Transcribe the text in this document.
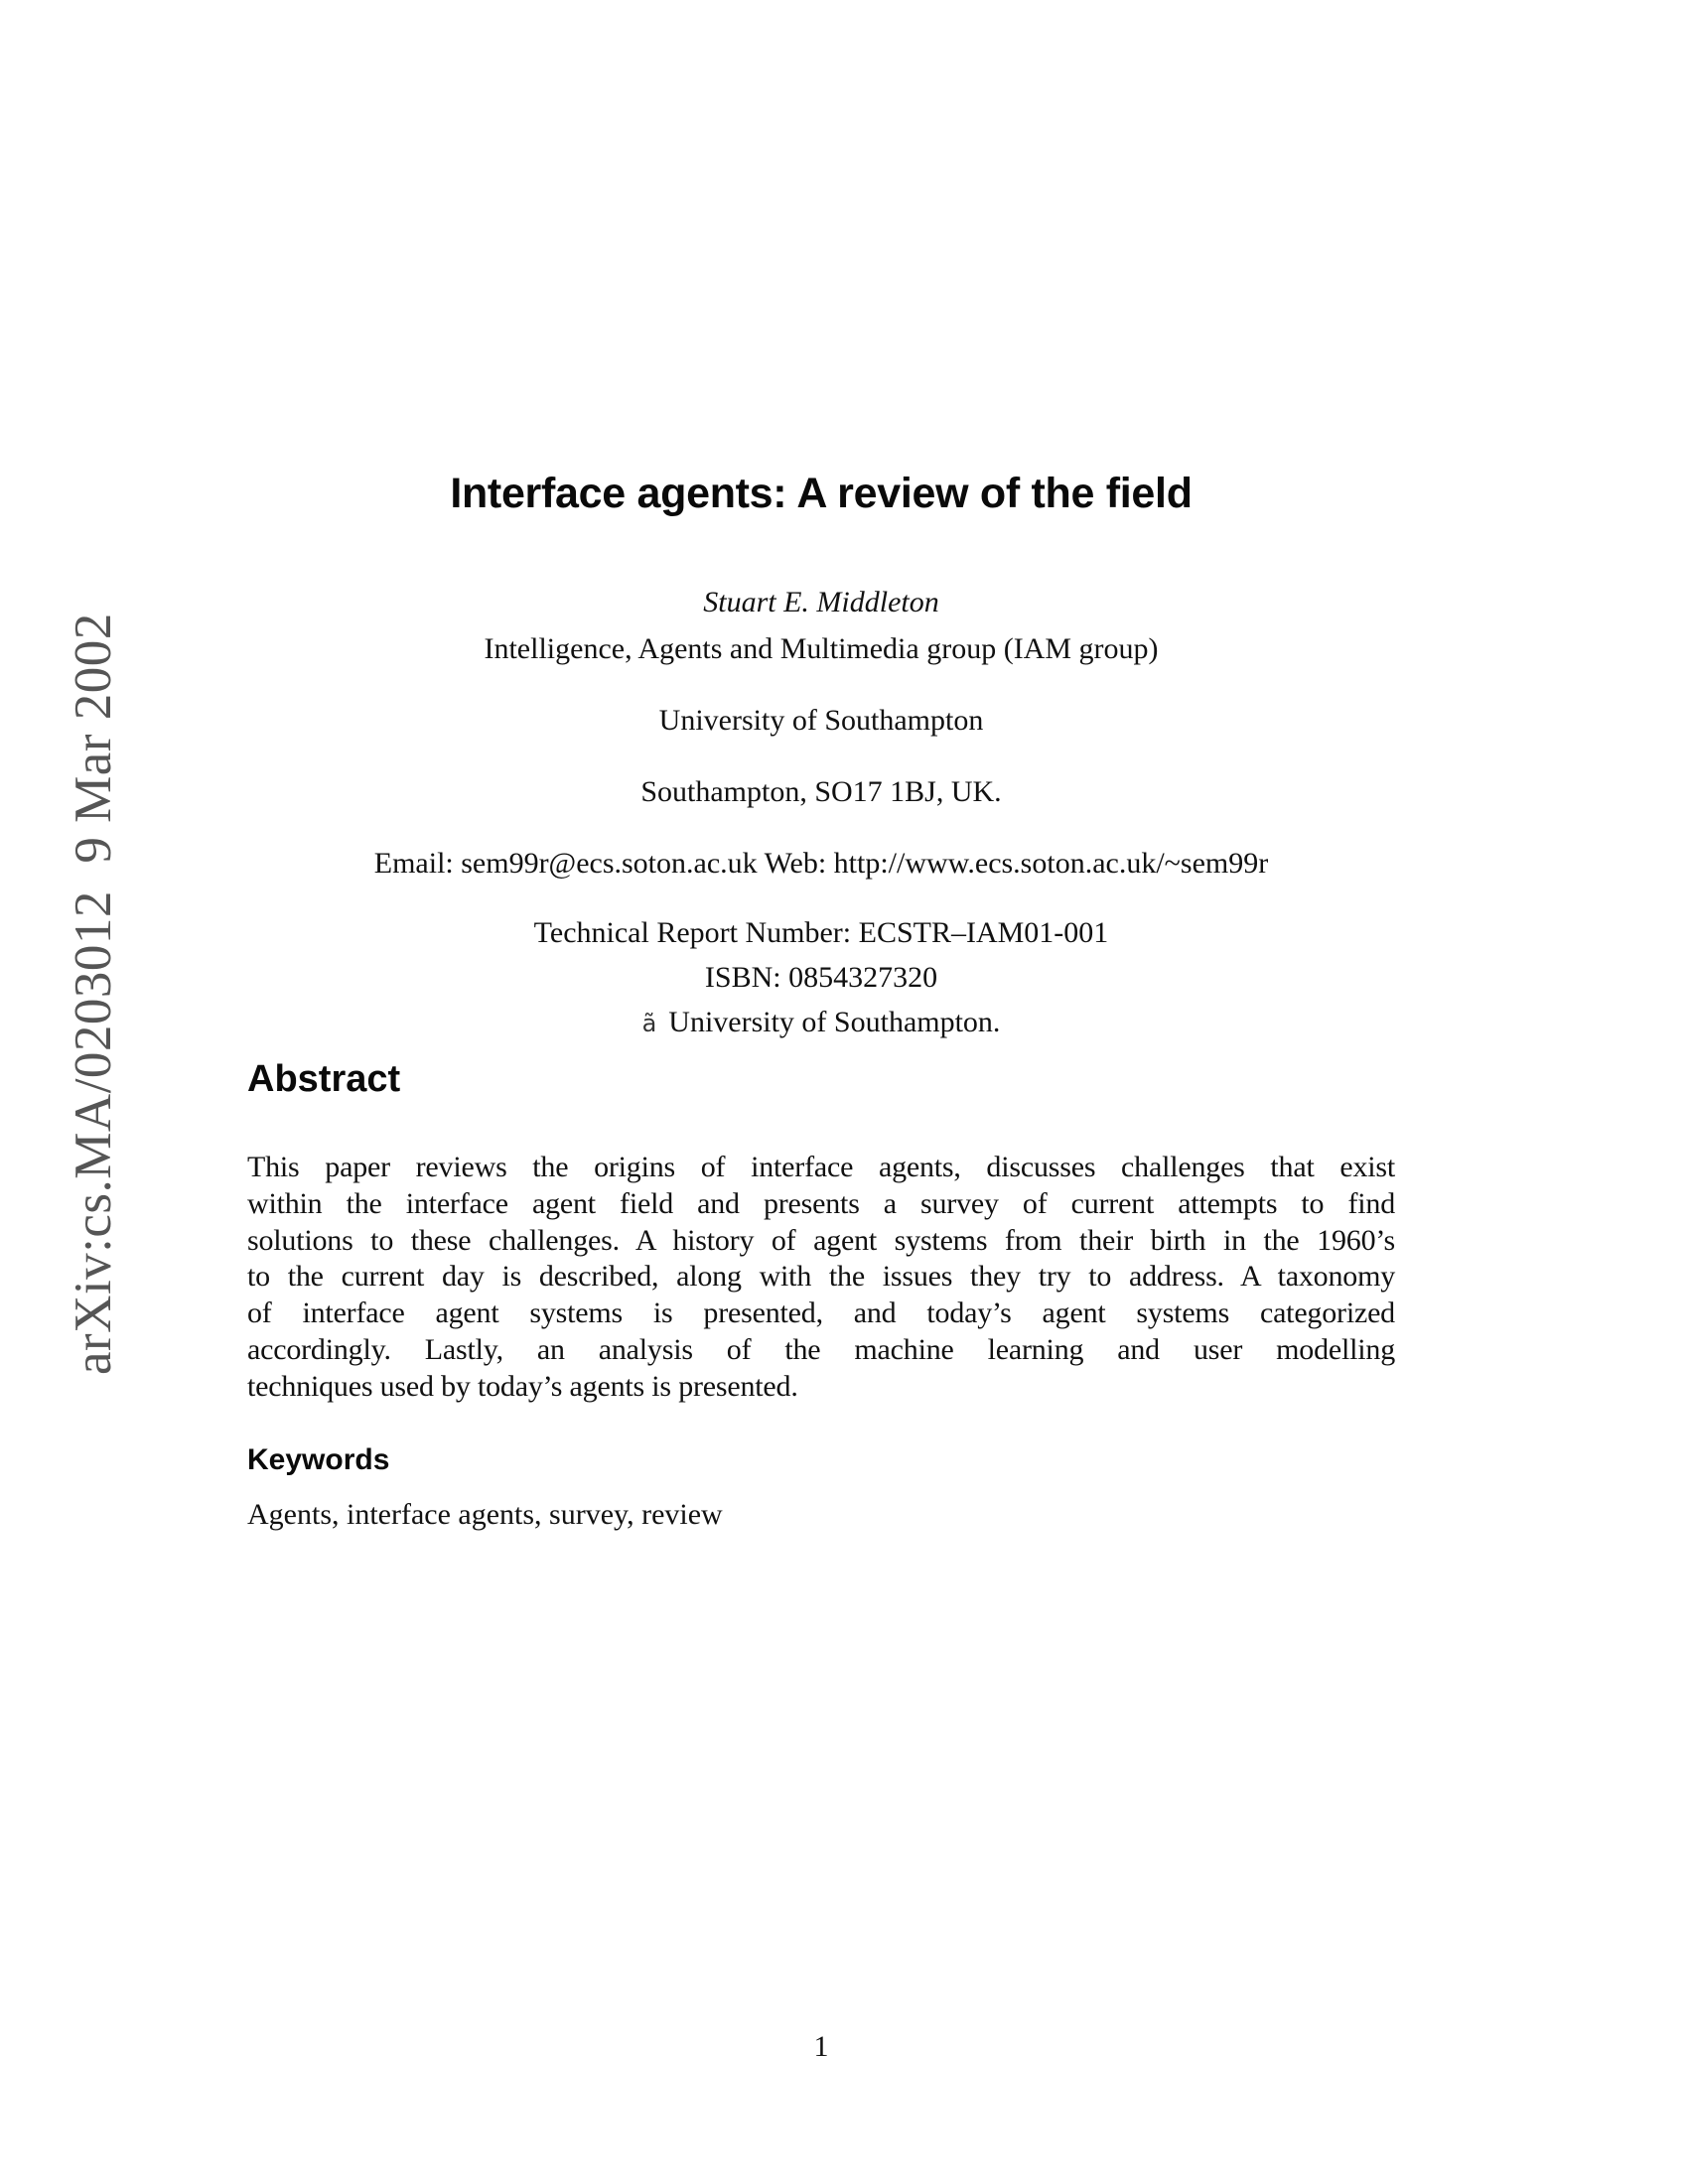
arXiv:cs.MA/0203012  9 Mar 2002
Interface agents: A review of the field
Stuart E. Middleton
Intelligence, Agents and Multimedia group (IAM group)
University of Southampton
Southampton, SO17 1BJ, UK.
Email: sem99r@ecs.soton.ac.uk Web: http://www.ecs.soton.ac.uk/~sem99r
Technical Report Number: ECSTR–IAM01-001
ISBN: 0854327320
ã University of Southampton.
Abstract
This paper reviews the origins of interface agents, discusses challenges that exist
within the interface agent field and presents a survey of current attempts to find
solutions to these challenges. A history of agent systems from their birth in the 1960’s
to the current day is described, along with the issues they try to address. A taxonomy
of interface agent systems is presented, and today’s agent systems categorized
accordingly. Lastly, an analysis of the machine learning and user modelling
techniques used by today’s agents is presented.
Keywords
Agents, interface agents, survey, review
1
